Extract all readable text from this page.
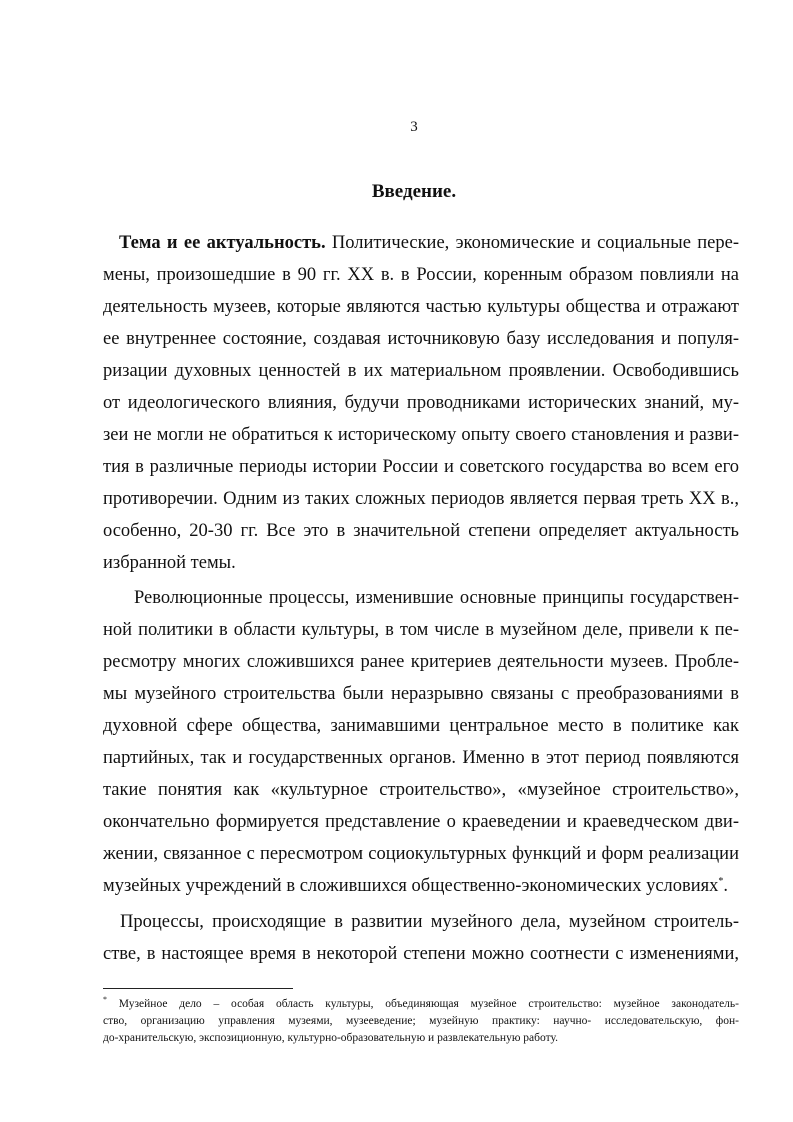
3
Введение.
Тема и ее актуальность. Политические, экономические и социальные пере-
мены, произошедшие в 90 гг. XX в. в России, коренным образом повлияли на
деятельность музеев, которые являются частью культуры общества и отражают
ее внутреннее состояние, создавая источниковую базу исследования и популя-
ризации духовных ценностей в их материальном проявлении. Освободившись
от идеологического влияния, будучи проводниками исторических знаний, му-
зеи не могли не обратиться к историческому опыту своего становления и разви-
тия в различные периоды истории России и советского государства во всем его
противоречии. Одним из таких сложных периодов является первая треть XX в.,
особенно, 20-30 гг. Все это в значительной степени определяет актуальность
избранной темы.
Революционные процессы, изменившие основные принципы государствен-
ной политики в области культуры, в том числе в музейном деле, привели к пе-
ресмотру многих сложившихся ранее критериев деятельности музеев. Пробле-
мы музейного строительства были неразрывно связаны с преобразованиями в
духовной сфере общества, занимавшими центральное место в политике как
партийных, так и государственных органов. Именно в этот период появляются
такие понятия как «культурное строительство», «музейное строительство»,
окончательно формируется представление о краеведении и краеведческом дви-
жении, связанное с пересмотром социокультурных функций и форм реализации
музейных учреждений в сложившихся общественно-экономических условиях*.
Процессы, происходящие в развитии музейного дела, музейном строитель-
стве, в настоящее время в некоторой степени можно соотнести с изменениями,
* Музейное дело – особая область культуры, объединяющая музейное строительство: музейное законодатель-
ство, организацию управления музеями, музееведение; музейную практику: научно- исследовательскую, фон-
до-хранительскую, экспозиционную, культурно-образовательную и развлекательную работу.
